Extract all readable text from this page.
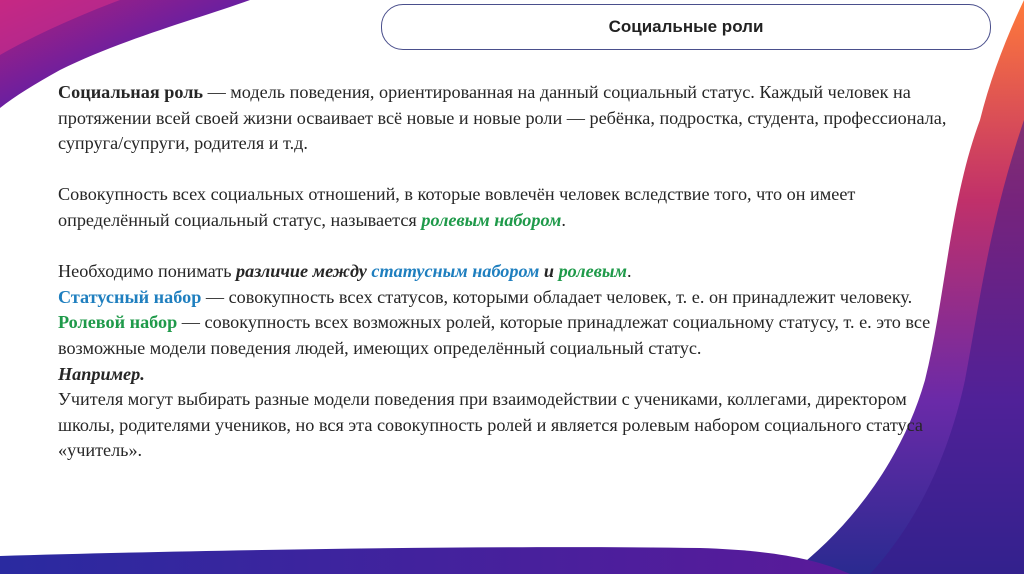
Социальные роли

Социальная роль — модель поведения, ориентированная на данный социальный статус. Каждый человек на протяжении всей своей жизни осваивает всё новые и новые роли — ребёнка, подростка, студента, профессионала, супруга/супруги, родителя и т.д.

Совокупность всех социальных отношений, в которые вовлечён человек вследствие того, что он имеет определённый социальный статус, называется ролевым набором.

Необходимо понимать различие между статусным набором и ролевым.

Статусный набор — совокупность всех статусов, которыми обладает человек, т. е. он принадлежит человеку.

Ролевой набор — совокупность всех возможных ролей, которые принадлежат социальному статусу, т. е. это все возможные модели поведения людей, имеющих определённый социальный статус.

Например.

Учителя могут выбирать разные модели поведения при взаимодействии с учениками, коллегами, директором школы, родителями учеников, но вся эта совокупность ролей и является ролевым набором социального статуса «учитель».
